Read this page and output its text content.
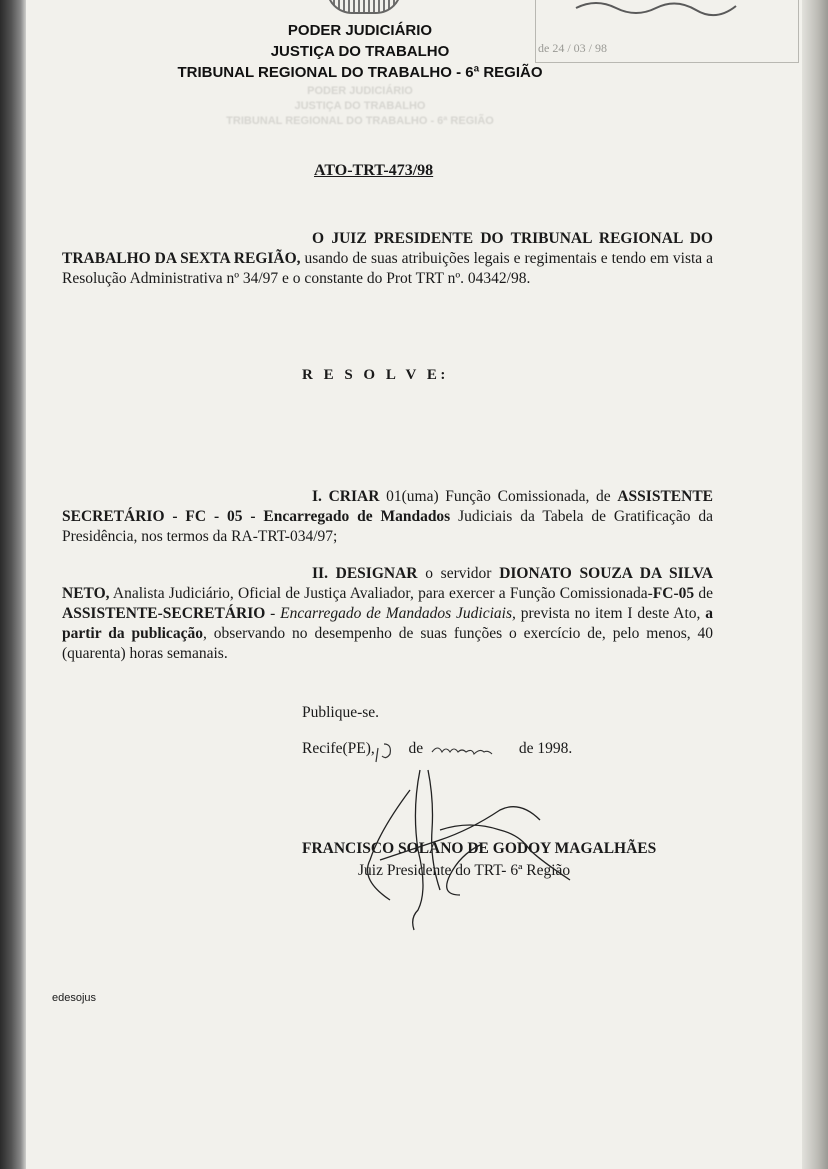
de 24 / 03 / 98
PODER JUDICIÁRIO
JUSTIÇA DO TRABALHO
TRIBUNAL REGIONAL DO TRABALHO - 6ª REGIÃO
PODER JUDICIÁRIO
JUSTIÇA DO TRABALHO
TRIBUNAL REGIONAL DO TRABALHO - 6ª REGIÃO
ATO-TRT-473/98
O JUIZ PRESIDENTE DO TRIBUNAL REGIONAL DO TRABALHO DA SEXTA REGIÃO, usando de suas atribuições legais e regimentais e tendo em vista a Resolução Administrativa nº 34/97 e o constante do Prot TRT nº. 04342/98.
R E S O L V E:
I. CRIAR 01(uma) Função Comissionada, de ASSISTENTE SECRETÁRIO - FC - 05 - Encarregado de Mandados Judiciais da Tabela de Gratificação da Presidência, nos termos da RA-TRT-034/97;
II. DESIGNAR o servidor DIONATO SOUZA DA SILVA NETO, Analista Judiciário, Oficial de Justiça Avaliador, para exercer a Função Comissionada-FC-05 de ASSISTENTE-SECRETÁRIO - Encarregado de Mandados Judiciais, prevista no item I deste Ato, a partir da publicação, observando no desempenho de suas funções o exercício de, pelo menos, 40 (quarenta) horas semanais.
Publique-se.
Recife(PE), de	de 1998.
FRANCISCO SOLANO DE GODOY MAGALHÃES
Juiz Presidente do TRT- 6ª Região
edesojus
